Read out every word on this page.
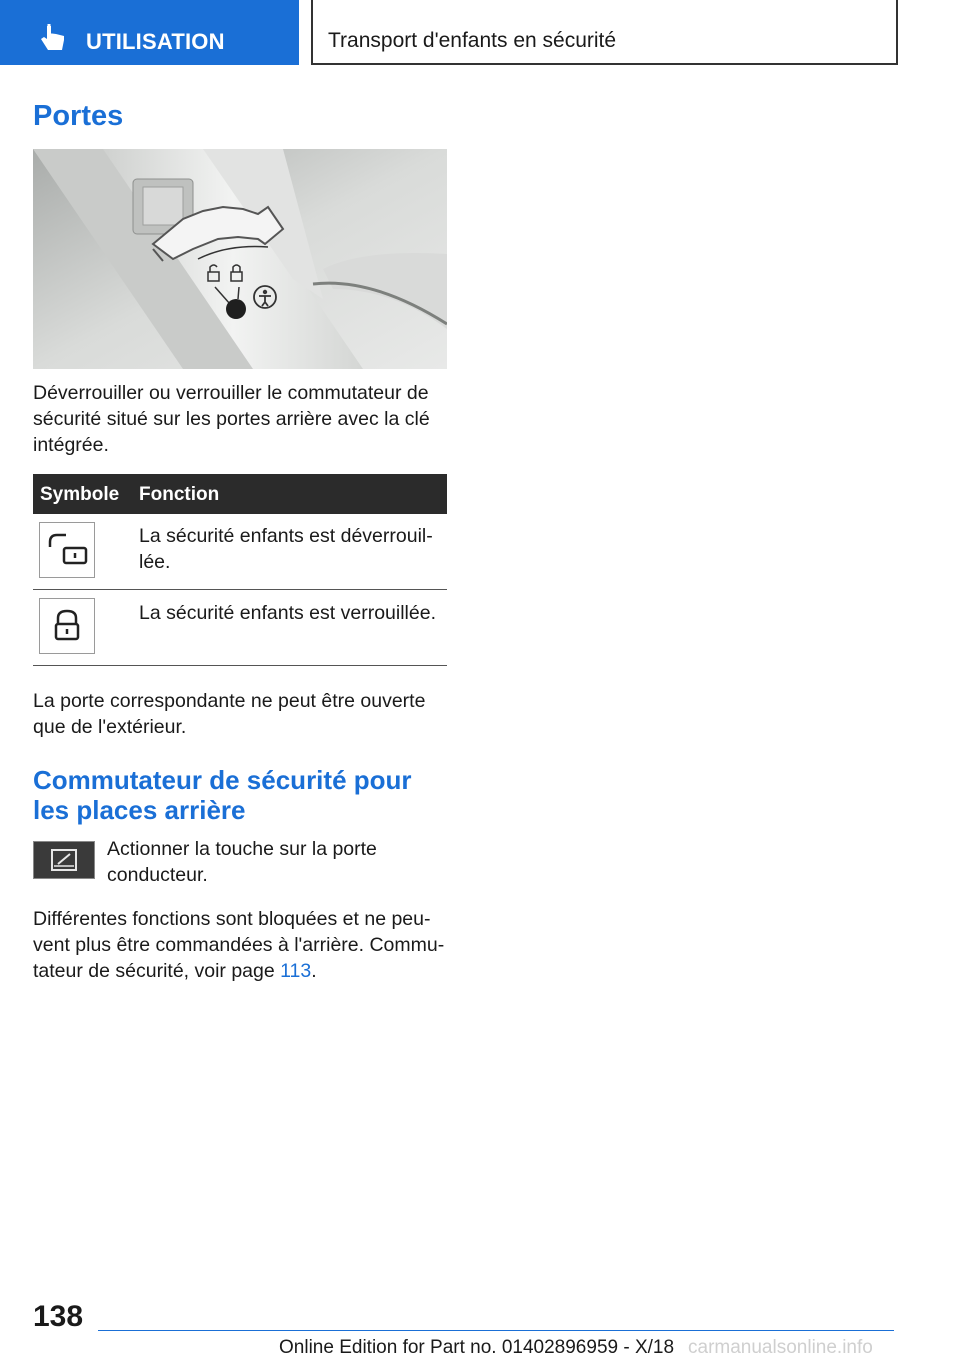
UTILISATION	Transport d'enfants en sécurité
Portes

Déverrouiller ou verrouiller le commutateur de sécurité situé sur les portes arrière avec la clé intégrée.

Symbole Fonction
La sécurité enfants est déverrouillée.
La sécurité enfants est verrouillée.

La porte correspondante ne peut être ouverte que de l'extérieur.

Commutateur de sécurité pour les places arrière
Actionner la touche sur la porte conducteur.

Différentes fonctions sont bloquées et ne peuvent plus être commandées à l'arrière. Commutateur de sécurité, voir page 113.

138
Online Edition for Part no. 01402896959 - X/18 carmanualsonline.info
